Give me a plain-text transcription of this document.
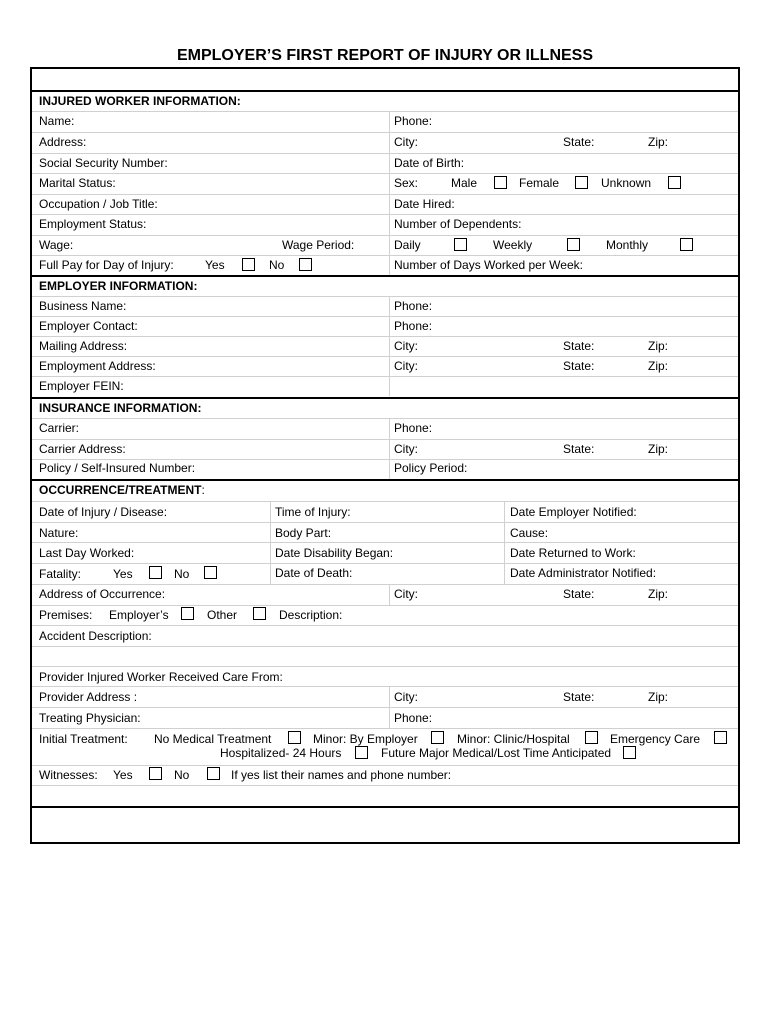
EMPLOYER’S FIRST REPORT OF INJURY OR ILLNESS
INJURED WORKER INFORMATION:
Name:	Phone:
Address:	City:	State:	Zip:
Social Security Number:	Date of Birth:
Marital Status:	Sex:	Male	Female	Unknown
Occupation / Job Title:	Date Hired:
Employment Status:	Number of Dependents:
Wage:	Wage Period:	Daily	Weekly	Monthly
Full Pay for Day of Injury:	Yes	No	Number of Days Worked per Week:
EMPLOYER INFORMATION:
Business Name:	Phone:
Employer Contact:	Phone:
Mailing Address:	City:	State:	Zip:
Employment Address:	City:	State:	Zip:
Employer FEIN:
INSURANCE INFORMATION:
Carrier:	Phone:
Carrier Address:	City:	State:	Zip:
Policy / Self-Insured Number:	Policy Period:
OCCURRENCE/TREATMENT:
Date of Injury / Disease:	Time of Injury:	Date Employer Notified:
Nature:	Body Part:	Cause:
Last Day Worked:	Date Disability Began:	Date Returned to Work:
Fatality:	Yes	No	Date of Death:	Date Administrator Notified:
Address of Occurrence:	City:	State:	Zip:
Premises: Employer’s	Other	Description:
Accident Description:
Provider Injured Worker Received Care From:
Provider Address :	City:	State:	Zip:
Treating Physician:	Phone:
Initial Treatment: No Medical Treatment	Minor: By Employer	Minor: Clinic/Hospital	Emergency Care
Hospitalized- 24 Hours	Future Major Medical/Lost Time Anticipated
Witnesses: Yes	No	If yes list their names and phone number:
